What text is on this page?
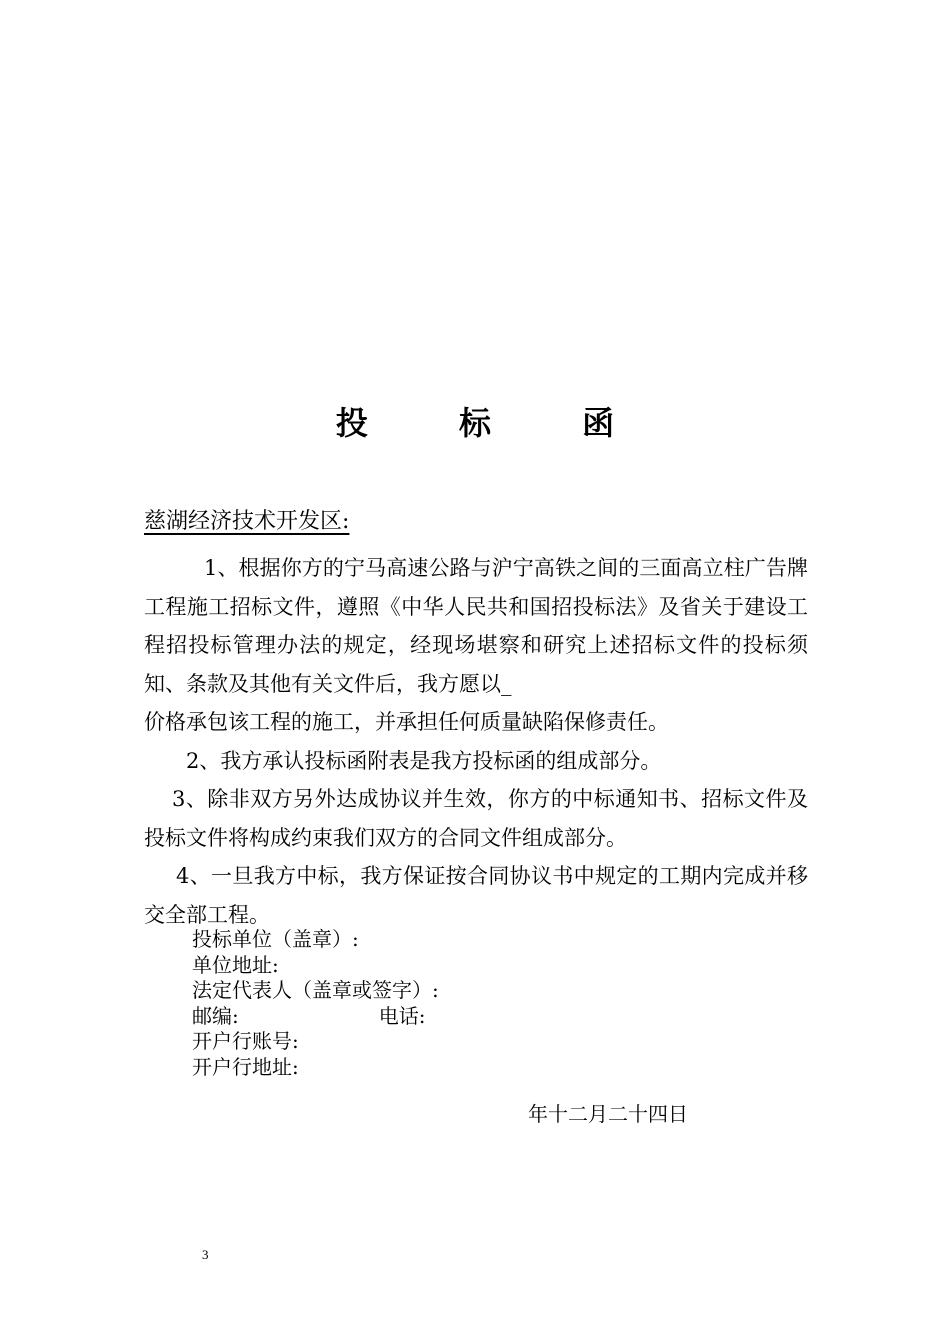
投 标 函
慈湖经济技术开发区:

1、根据你方的宁马高速公路与沪宁高铁之间的三面高立柱广告牌工程施工招标文件，遵照《中华人民共和国招投标法》及省关于建设工程招投标管理办法的规定，经现场堪察和研究上述招标文件的投标须知、条款及其他有关文件后，我方愿以_

价格承包该工程的施工，并承担任何质量缺陷保修责任。

2、我方承认投标函附表是我方投标函的组成部分。

3、除非双方另外达成协议并生效，你方的中标通知书、招标文件及投标文件将构成约束我们双方的合同文件组成部分。

4、一旦我方中标，我方保证按合同协议书中规定的工期内完成并移交全部工程。

投标单位（盖章）:
单位地址:
法定代表人（盖章或签字）:
邮编:	电话:
开户行账号:
开户行地址:
年十二月二十四日
3
